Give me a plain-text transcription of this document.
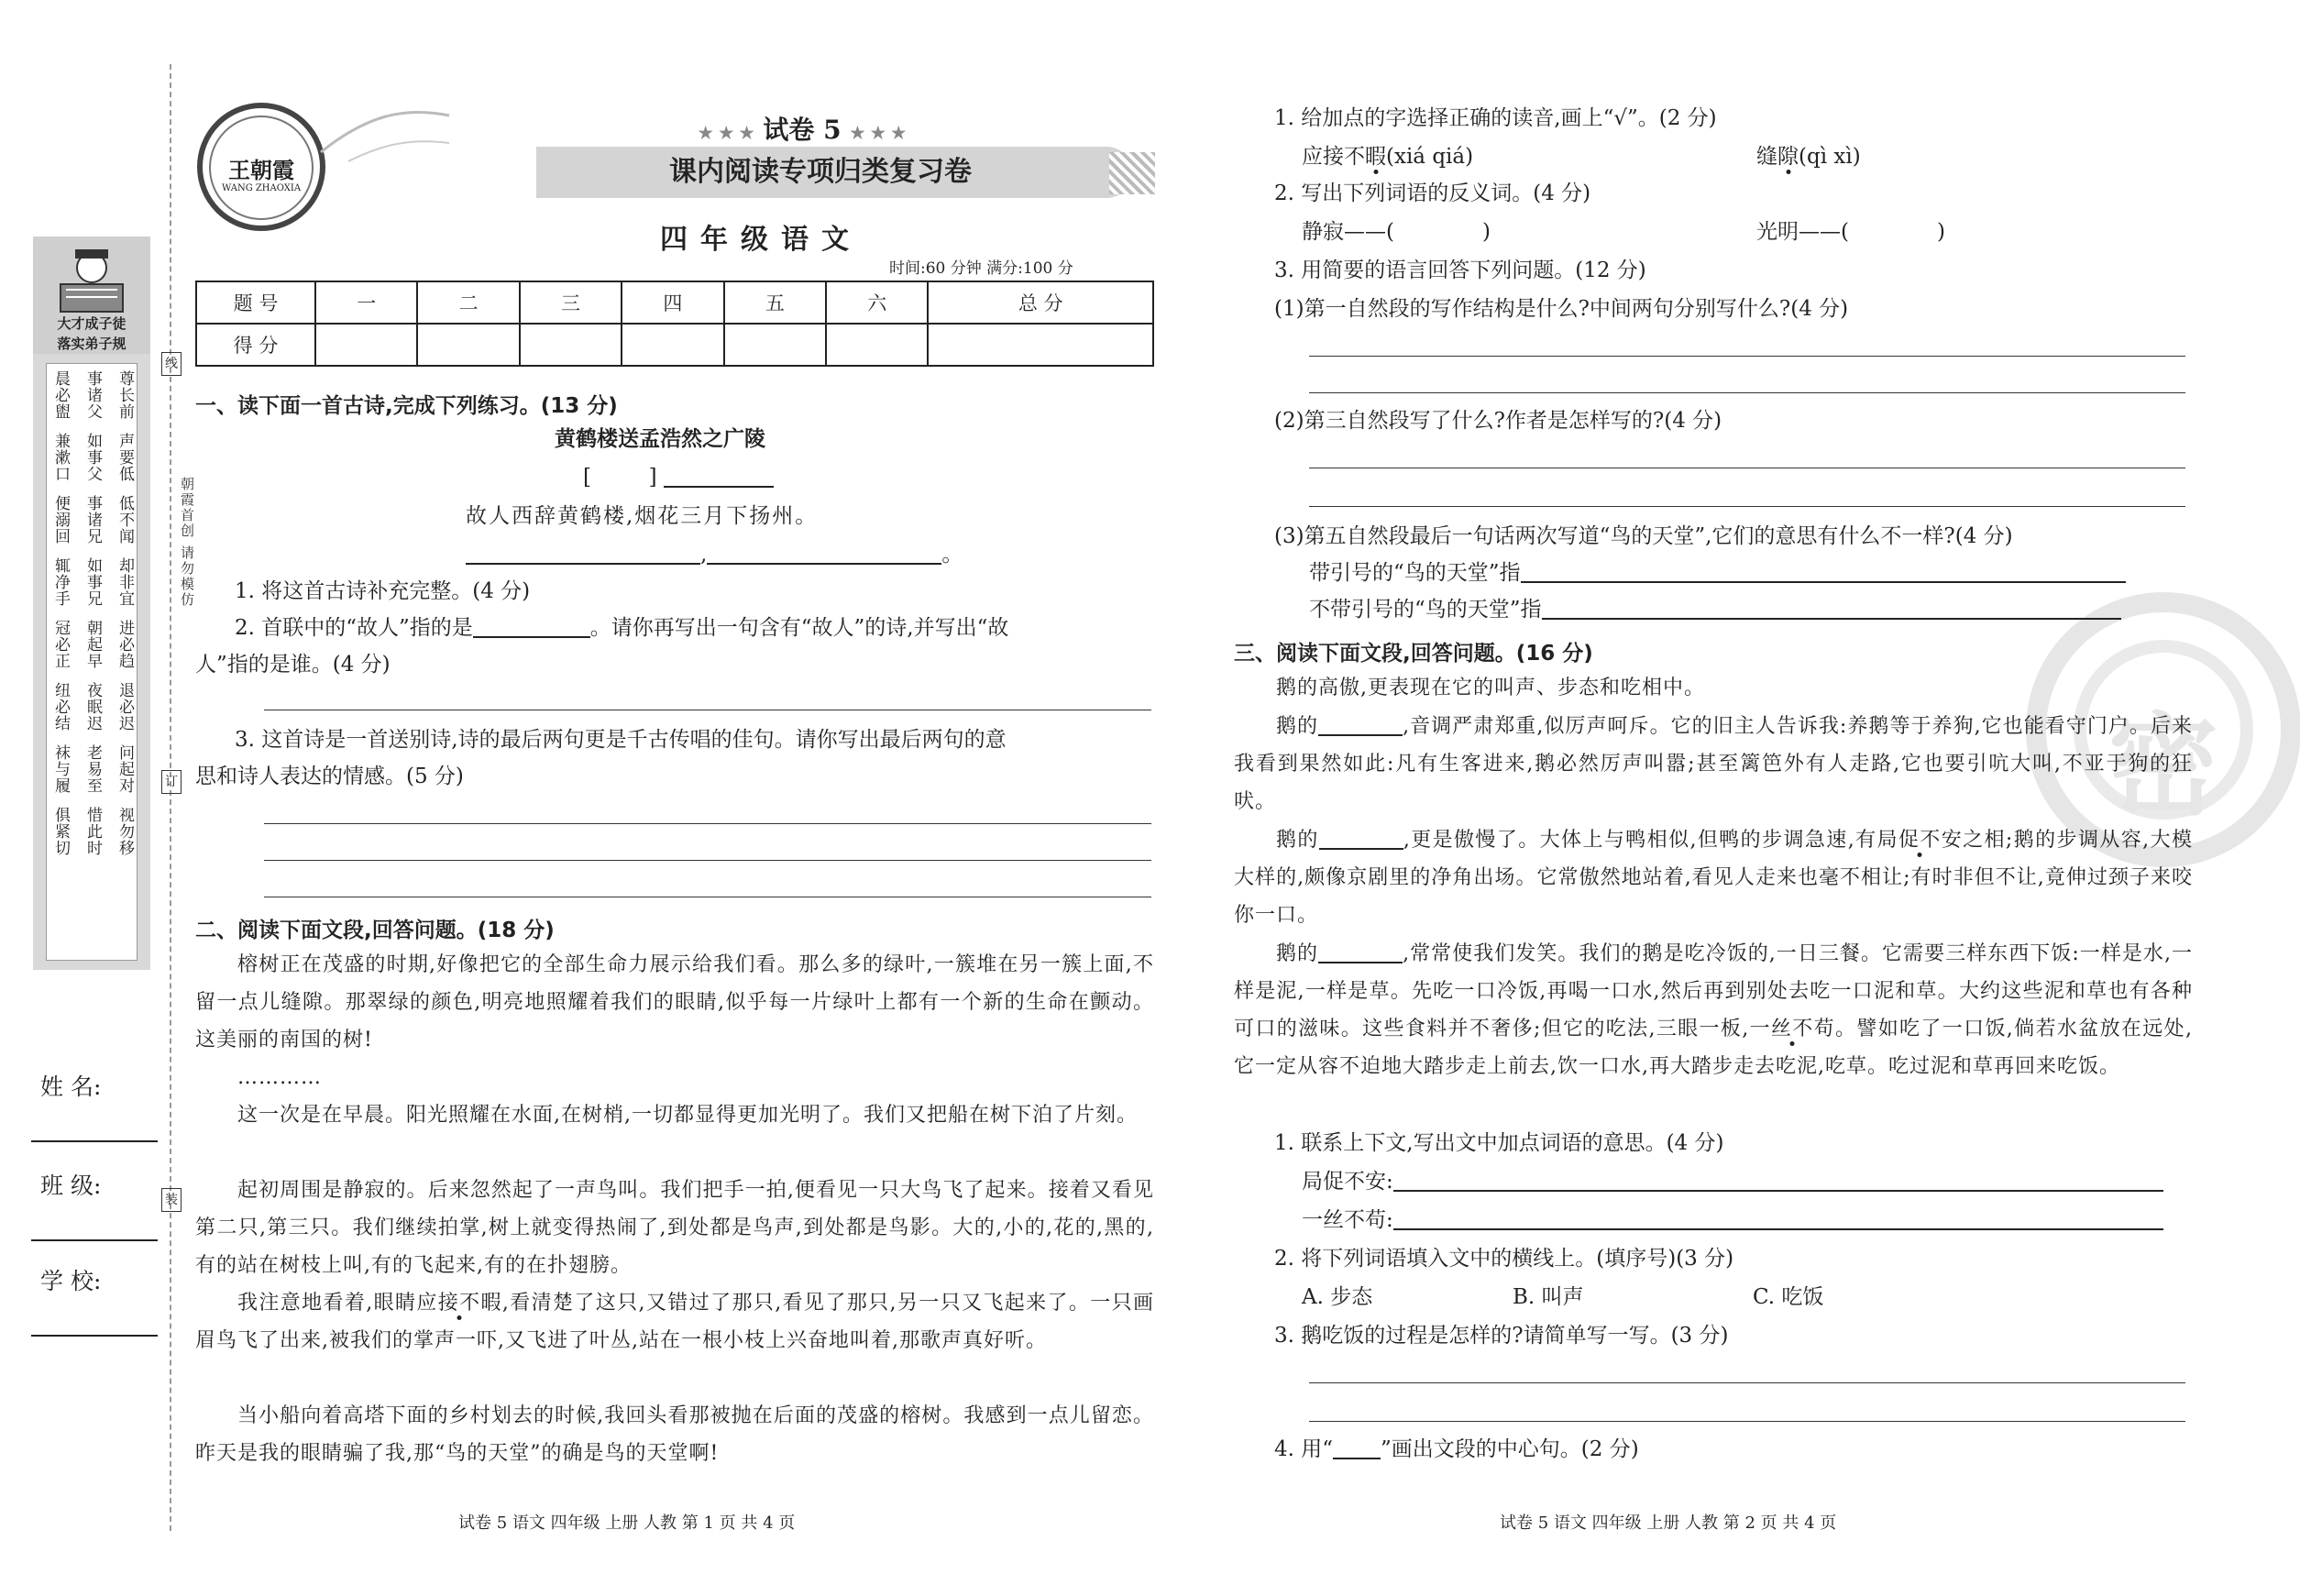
朝霞首创 请勿模仿
线
订
装
大才成子徒
落实弟子规
晨必盥 事诸父 尊长前
兼漱口 如事父 声要低
便溺回 事诸兄 低不闻
辄净手 如事兄 却非宜
冠必正 朝起早 进必趋
纽必结 夜眠迟 退必迟
袜与履 老易至 问起对
俱紧切 惜此时 视勿移
姓 名:
班 级:
学 校:
王朝霞
WANG ZHAOXIA
★ ★ ★ 试卷 5 ★ ★ ★
课内阅读专项归类复习卷
四年级语文
时间:60 分钟 满分:100 分
题 号	一	二	三	四	五	六	总 分
得 分							
一、读下面一首古诗,完成下列练习。(13 分)
黄鹤楼送孟浩然之广陵
[	]
故人西辞黄鹤楼,烟花三月下扬州。
,	。
1. 将这首古诗补充完整。(4 分)
2. 首联中的“故人”指的是	。请你再写出一句含有“故人”的诗,并写出“故
人”指的是谁。(4 分)
3. 这首诗是一首送别诗,诗的最后两句更是千古传唱的佳句。请你写出最后两句的意
思和诗人表达的情感。(5 分)
二、阅读下面文段,回答问题。(18 分)
榕树正在茂盛的时期,好像把它的全部生命力展示给我们看。那么多的绿叶,一簇堆在另一簇上面,不留一点儿缝隙。那翠绿的颜色,明亮地照耀着我们的眼睛,似乎每一片绿叶上都有一个新的生命在颤动。这美丽的南国的树!
…………
这一次是在早晨。阳光照耀在水面,在树梢,一切都显得更加光明了。我们又把船在树下泊了片刻。
起初周围是静寂的。后来忽然起了一声鸟叫。我们把手一拍,便看见一只大鸟飞了起来。接着又看见第二只,第三只。我们继续拍掌,树上就变得热闹了,到处都是鸟声,到处都是鸟影。大的,小的,花的,黑的,有的站在树枝上叫,有的飞起来,有的在扑翅膀。
我注意地看着,眼睛应接不暇,看清楚了这只,又错过了那只,看见了那只,另一只又飞起来了。一只画眉鸟飞了出来,被我们的掌声一吓,又飞进了叶丛,站在一根小枝上兴奋地叫着,那歌声真好听。
当小船向着高塔下面的乡村划去的时候,我回头看那被抛在后面的茂盛的榕树。我感到一点儿留恋。昨天是我的眼睛骗了我,那“鸟的天堂”的确是鸟的天堂啊!
试卷 5 语文 四年级 上册 人教 第 1 页 共 4 页
密
1. 给加点的字选择正确的读音,画上“√”。(2 分)
应接不暇(xiá qiá)	缝隙(qì xì)
2. 写出下列词语的反义词。(4 分)
静寂——(	)	光明——(	)
3. 用简要的语言回答下列问题。(12 分)
(1)第一自然段的写作结构是什么?中间两句分别写什么?(4 分)
(2)第三自然段写了什么?作者是怎样写的?(4 分)
(3)第五自然段最后一句话两次写道“鸟的天堂”,它们的意思有什么不一样?(4 分)
带引号的“鸟的天堂”指
不带引号的“鸟的天堂”指
三、阅读下面文段,回答问题。(16 分)
鹅的高傲,更表现在它的叫声、步态和吃相中。
鹅的	,音调严肃郑重,似厉声呵斥。它的旧主人告诉我:养鹅等于养狗,它也能看守门户。后来我看到果然如此:凡有生客进来,鹅必然厉声叫嚣;甚至篱笆外有人走路,它也要引吭大叫,不亚于狗的狂吠。
鹅的	,更是傲慢了。大体上与鸭相似,但鸭的步调急速,有局促不安之相;鹅的步调从容,大模大样的,颇像京剧里的净角出场。它常傲然地站着,看见人走来也毫不相让;有时非但不让,竟伸过颈子来咬你一口。
鹅的	,常常使我们发笑。我们的鹅是吃冷饭的,一日三餐。它需要三样东西下饭:一样是水,一样是泥,一样是草。先吃一口冷饭,再喝一口水,然后再到别处去吃一口泥和草。大约这些泥和草也有各种可口的滋味。这些食料并不奢侈;但它的吃法,三眼一板,一丝不苟。譬如吃了一口饭,倘若水盆放在远处,它一定从容不迫地大踏步走上前去,饮一口水,再大踏步走去吃泥,吃草。吃过泥和草再回来吃饭。
1. 联系上下文,写出文中加点词语的意思。(4 分)
局促不安:
一丝不苟:
2. 将下列词语填入文中的横线上。(填序号)(3 分)
A. 步态	B. 叫声	C. 吃饭
3. 鹅吃饭的过程是怎样的?请简单写一写。(3 分)
4. 用“ ”画出文段的中心句。(2 分)
试卷 5 语文 四年级 上册 人教 第 2 页 共 4 页
